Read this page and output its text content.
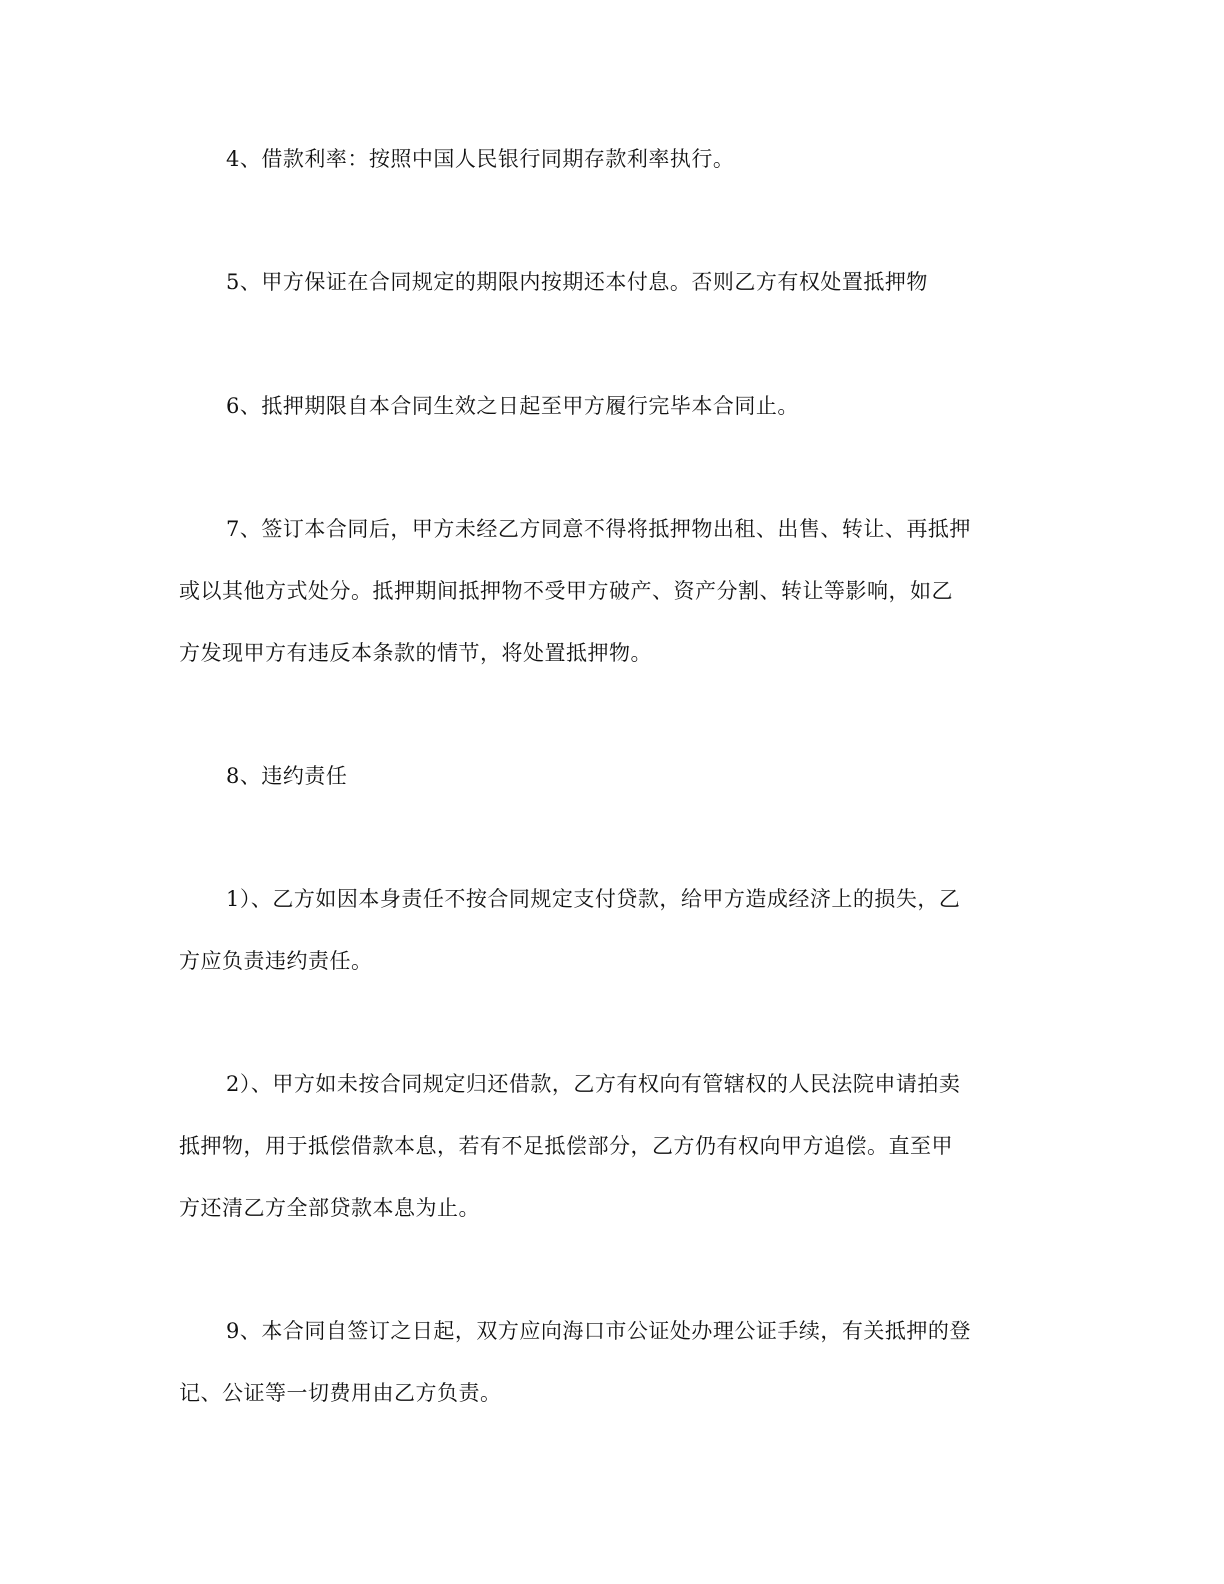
4、借款利率：按照中国人民银行同期存款利率执行。
5、甲方保证在合同规定的期限内按期还本付息。否则乙方有权处置抵押物
6、抵押期限自本合同生效之日起至甲方履行完毕本合同止。
7、签订本合同后，甲方未经乙方同意不得将抵押物出租、出售、转让、再抵押
或以其他方式处分。抵押期间抵押物不受甲方破产、资产分割、转让等影响，如乙
方发现甲方有违反本条款的情节，将处置抵押物。
8、违约责任
1）、乙方如因本身责任不按合同规定支付贷款，给甲方造成经济上的损失，乙
方应负责违约责任。
2）、甲方如未按合同规定归还借款，乙方有权向有管辖权的人民法院申请拍卖
抵押物，用于抵偿借款本息，若有不足抵偿部分，乙方仍有权向甲方追偿。直至甲
方还清乙方全部贷款本息为止。
9、本合同自签订之日起，双方应向海口市公证处办理公证手续，有关抵押的登
记、公证等一切费用由乙方负责。
